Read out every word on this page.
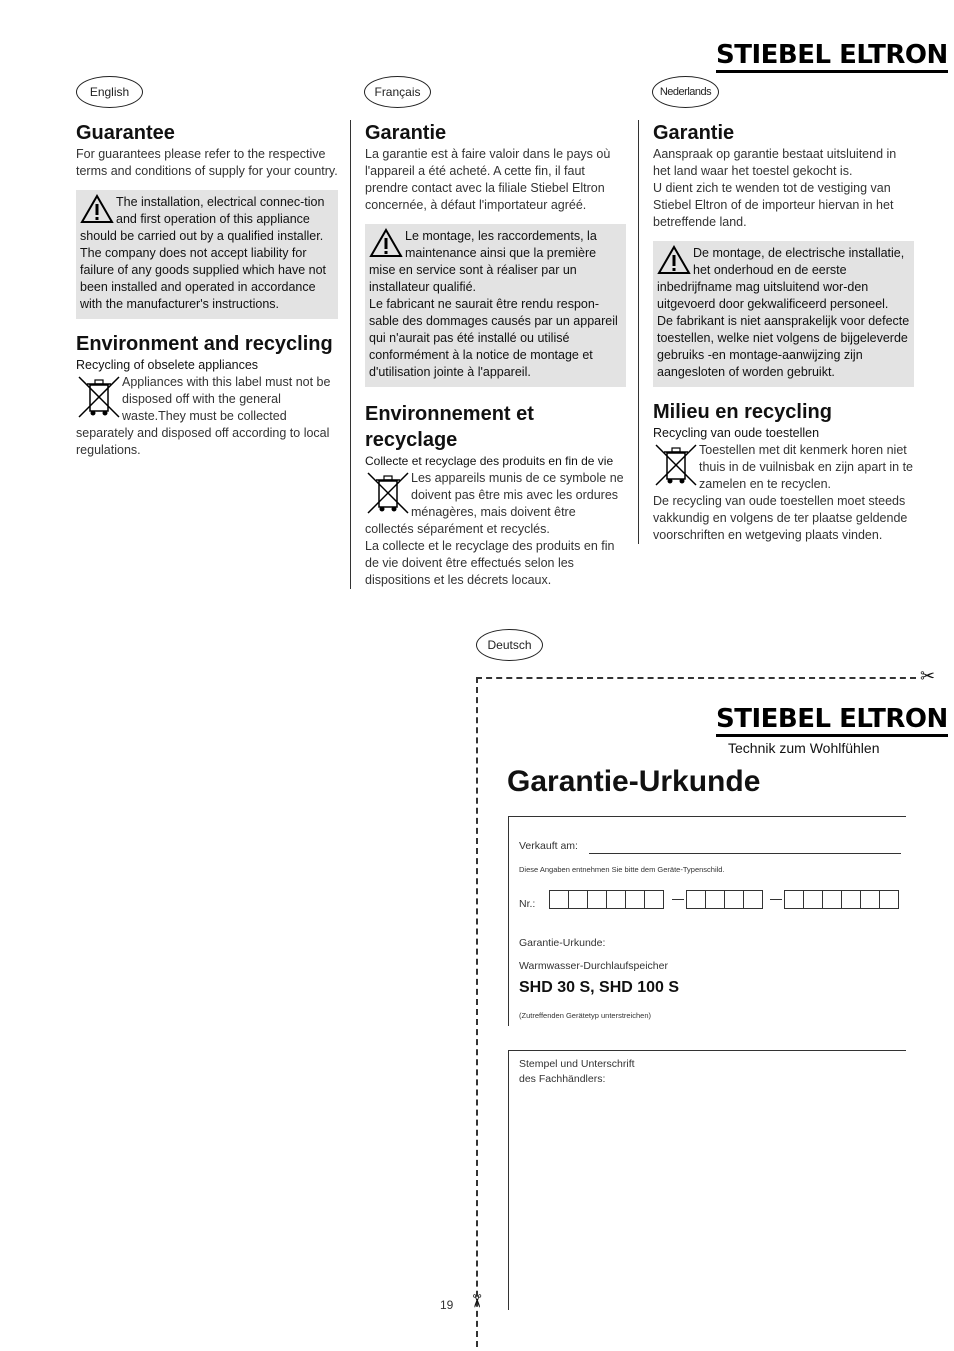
STIEBEL ELTRON
English	Français	Nederlands
Guarantee

For guarantees please refer to the respective terms and conditions of supply for your country.

The installation, electrical connec-tion and first operation of this appliance should be carried out by a qualified installer.

The company does not accept liability for failure of any goods supplied which have not been installed and operated in accordance with the manufacturer's instructions.

Environment and recycling

Recycling of obselete appliances

Appliances with this label must not be disposed off with the general waste.They must be collected separately and disposed off according to local regulations.

Garantie

La garantie est à faire valoir dans le pays où l'appareil a été acheté. A cette fin, il faut prendre contact avec la filiale Stiebel Eltron concernée, à défaut l'importateur agréé.

Le montage, les raccordements, la maintenance ainsi que la première mise en service sont à réaliser par un installateur qualifié.

Le fabricant ne saurait être rendu respon-sable des dommages causés par un appareil qui n'aurait pas été installé ou utilisé conformément à la notice de montage et d'utilisation jointe à l'appareil.

Environnement et recyclage

Collecte et recyclage des produits en fin de vie

Les appareils munis de ce symbole ne doivent pas être mis avec les ordures ménagères, mais doivent être collectés séparément et recyclés.

La collecte et le recyclage des produits en fin de vie doivent être effectués selon les dispositions et les décrets locaux.

Garantie

Aanspraak op garantie bestaat uitsluitend in het land waar het toestel gekocht is.

U dient zich te wenden tot de vestiging van Stiebel Eltron of de importeur hiervan in het betreffende land.

De montage, de electrische installatie, het onderhoud en de eerste inbedrijfname mag uitsluitend wor-den uitgevoerd door gekwalificeerd personeel.

De fabrikant is niet aansprakelijk voor defecte toestellen, welke niet volgens de bijgeleverde gebruiks -en montage-aanwijzing zijn aangesloten of worden gebruikt.

Milieu en recycling

Recycling van oude toestellen

Toestellen met dit kenmerk horen niet thuis in de vuilnisbak en zijn apart in te zamelen en te recyclen.

De recycling van oude toestellen moet steeds vakkundig en volgens de ter plaatse geldende voorschriften en wetgeving plaats vinden.

Deutsch
✂
✂
STIEBEL ELTRON
Technik zum Wohlfühlen
Garantie-Urkunde
Verkauft am:
Diese Angaben entnehmen Sie bitte dem Geräte-Typenschild.
Nr.:
Garantie-Urkunde:
Warmwasser-Durchlaufspeicher
SHD 30 S, SHD 100 S
(Zutreffenden Gerätetyp unterstreichen)
Stempel und Unterschrift
des Fachhändlers:
19
